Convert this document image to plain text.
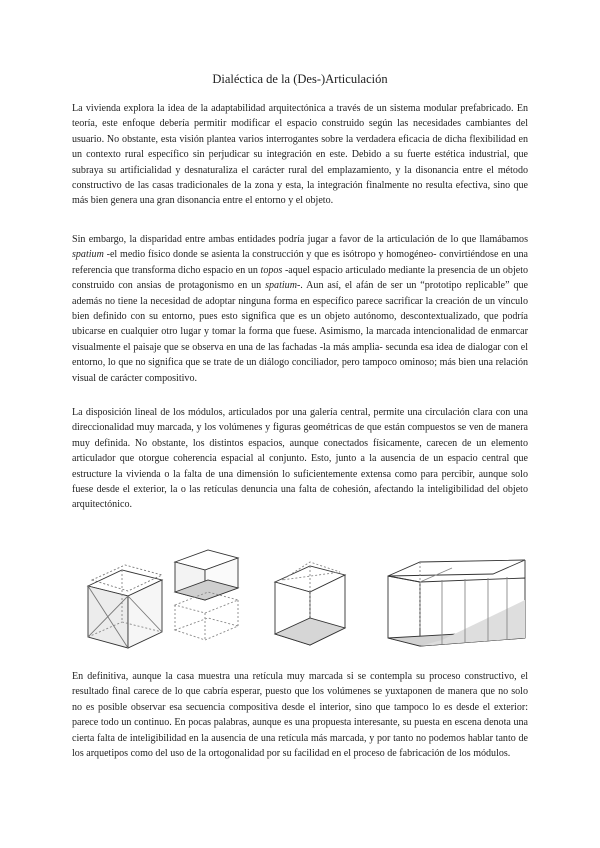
Dialéctica de la (Des-)Articulación

La vivienda explora la idea de la adaptabilidad arquitectónica a través de un sistema modular prefabricado. En teoría, este enfoque debería permitir modificar el espacio construido según las necesidades cambiantes del usuario. No obstante, esta visión plantea varios interrogantes sobre la verdadera eficacia de dicha flexibilidad en un contexto rural específico sin perjudicar su integración en este. Debido a su fuerte estética industrial, que subraya su artificialidad y desnaturaliza el carácter rural del emplazamiento, y la disonancia entre el método constructivo de las casas tradicionales de la zona y esta, la integración finalmente no resulta efectiva, sino que más bien genera una gran disonancia entre el entorno y el objeto.

Sin embargo, la disparidad entre ambas entidades podría jugar a favor de la articulación de lo que llamábamos spatium -el medio físico donde se asienta la construcción y que es isótropo y homogéneo- convirtiéndose en una referencia que transforma dicho espacio en un topos -aquel espacio articulado mediante la presencia de un objeto construido con ansias de protagonismo en un spatium-. Aun así, el afán de ser un “prototipo replicable” que además no tiene la necesidad de adoptar ninguna forma en específico parece sacrificar la creación de un vínculo bien definido con su entorno, pues esto significa que es un objeto autónomo, descontextualizado, que podría ubicarse en cualquier otro lugar y tomar la forma que fuese. Asimismo, la marcada intencionalidad de enmarcar visualmente el paisaje que se observa en una de las fachadas -la más amplia- secunda esa idea de dialogar con el entorno, lo que no significa que se trate de un diálogo conciliador, pero tampoco ominoso; más bien una relación visual de carácter compositivo.

La disposición lineal de los módulos, articulados por una galería central, permite una circulación clara con una direccionalidad muy marcada, y los volúmenes y figuras geométricas de que están compuestos se ven de manera muy definida. No obstante, los distintos espacios, aunque conectados físicamente, carecen de un elemento articulador que otorgue coherencia espacial al conjunto. Esto, junto a la ausencia de un espacio central que estructure la vivienda o la falta de una dimensión lo suficientemente extensa como para percibir, aunque solo fuese desde el exterior, la o las retículas denuncia una falta de cohesión, afectando la inteligibilidad del objeto arquitectónico.

En definitiva, aunque la casa muestra una retícula muy marcada si se contempla su proceso constructivo, el resultado final carece de lo que cabría esperar, puesto que los volúmenes se yuxtaponen de manera que no solo no es posible observar esa secuencia compositiva desde el interior, sino que tampoco lo es desde el exterior: parece todo un continuo. En pocas palabras, aunque es una propuesta interesante, su puesta en escena denota una cierta falta de inteligibilidad en la ausencia de una retícula más marcada, y por tanto no podemos hablar tanto de los arquetipos como del uso de la ortogonalidad por su facilidad en el proceso de fabricación de los módulos.
